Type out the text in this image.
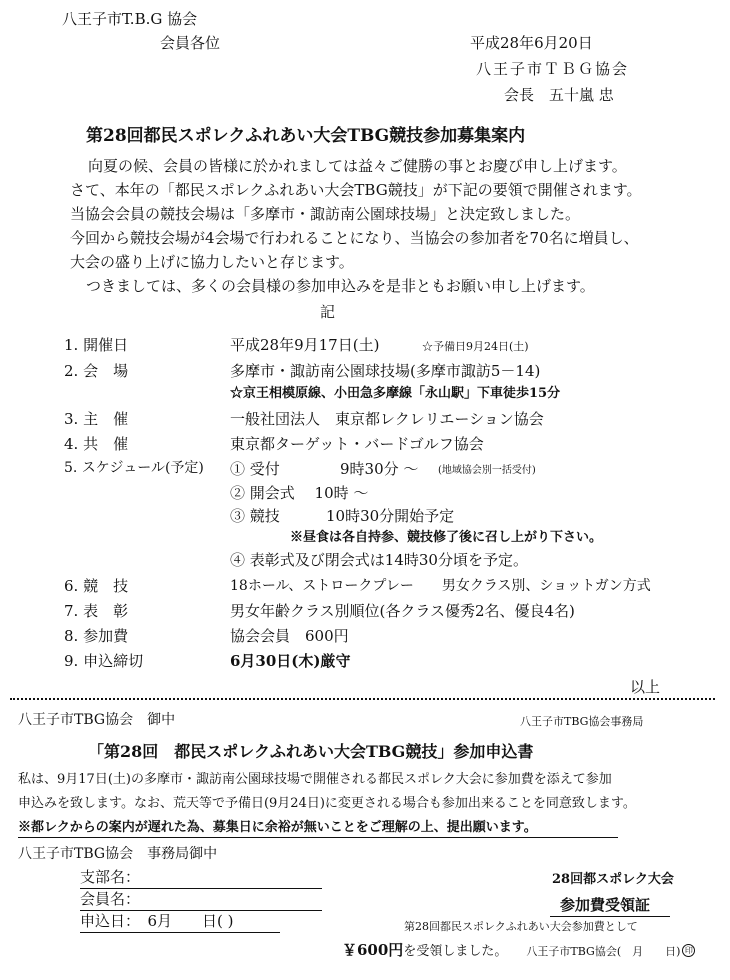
八王子市T.B.G 協会
会員各位	平成28年6月20日
八王子市ＴＢＧ協会
会長　五十嵐 忠
第28回都民スポレクふれあい大会TBG競技参加募集案内
向夏の候、会員の皆様に於かれましては益々ご健勝の事とお慶び申し上げます。
さて、本年の「都民スポレクふれあい大会TBG競技」が下記の要領で開催されます。
当協会会員の競技会場は「多摩市・諏訪南公園球技場」と決定致しました。
今回から競技会場が4会場で行われることになり、当協会の参加者を70名に増員し、
大会の盛り上げに協力したいと存じます。
つきましては、多くの会員様の参加申込みを是非ともお願い申し上げます。
記
1. 開催日	平成28年9月17日(土)	☆予備日9月24日(土)
2. 会　場	多摩市・諏訪南公園球技場(多摩市諏訪5－14)
☆京王相模原線、小田急多摩線「永山駅」下車徒歩15分
3. 主　催	一般社団法人　東京都レクレリエーション協会
4. 共　催	東京都ターゲット・バードゴルフ協会
5. スケジュール(予定) ① 受付	9時30分 ～ (地域協会別一括受付)
② 開会式　 10時 ～
③ 競技	10時30分開始予定
※昼食は各自持参、競技修了後に召し上がり下さい。
④ 表彰式及び閉会式は14時30分頃を予定。
6. 競　技	18ホール、ストロークプレー　　男女クラス別、ショットガン方式
7. 表　彰	男女年齢クラス別順位(各クラス優秀2名、優良4名)
8. 参加費	協会会員　600円
9. 申込締切	6月30日(木)厳守
以上
八王子市TBG協会　御中	八王子市TBG協会事務局
「第28回　都民スポレクふれあい大会TBG競技」参加申込書
私は、9月17日(土)の多摩市・諏訪南公園球技場で開催される都民スポレク大会に参加費を添えて参加
申込みを致します。なお、荒天等で予備日(9月24日)に変更される場合も参加出来ることを同意致します。
※都レクからの案内が遅れた為、募集日に余裕が無いことをご理解の上、提出願います。
八王子市TBG協会　事務局御中
支部名：
会員名：
申込日：　6月　　日( )
28回都スポレク大会
参加費受領証
第28回都民スポレクふれあい大会参加費として
￥600円を受領しました。 八王子市TBG協会(　月　　日) 印
